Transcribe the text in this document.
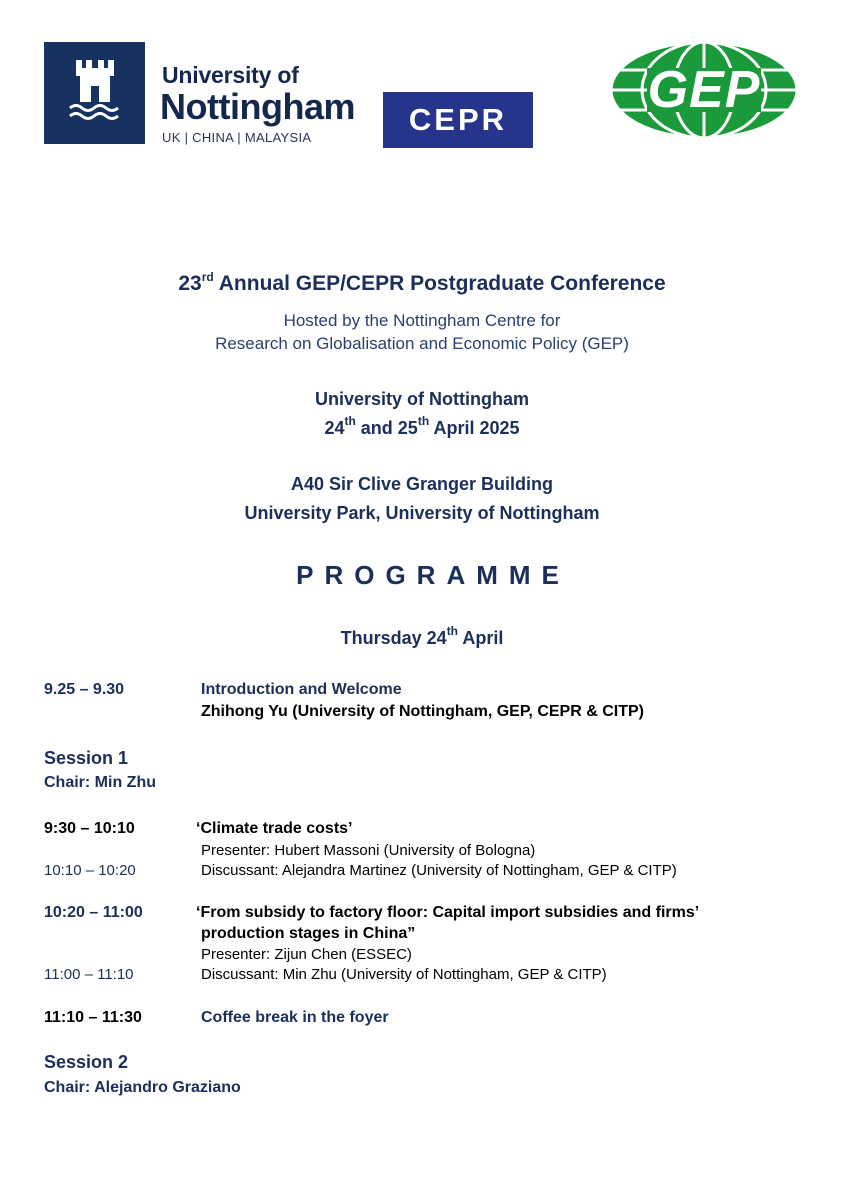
University of
Nottingham
UK | CHINA | MALAYSIA
CEPR
GEP
23rd Annual GEP/CEPR Postgraduate Conference
Hosted by the Nottingham Centre for
Research on Globalisation and Economic Policy (GEP)
University of Nottingham
24th and 25th April 2025
A40 Sir Clive Granger Building
University Park, University of Nottingham
PROGRAMME
Thursday 24th April
9.25 – 9.30	Introduction and Welcome
Zhihong Yu (University of Nottingham, GEP, CEPR & CITP)
Session 1
Chair: Min Zhu
9:30 – 10:10	‘Climate trade costs’
Presenter: Hubert Massoni (University of Bologna)
10:10 – 10:20	Discussant: Alejandra Martinez (University of Nottingham, GEP & CITP)
10:20 – 11:00	‘From subsidy to factory floor: Capital import subsidies and firms’
production stages in China”
Presenter: Zijun Chen (ESSEC)
11:00 – 11:10	Discussant: Min Zhu (University of Nottingham, GEP & CITP)
11:10 – 11:30	Coffee break in the foyer
Session 2
Chair: Alejandro Graziano
